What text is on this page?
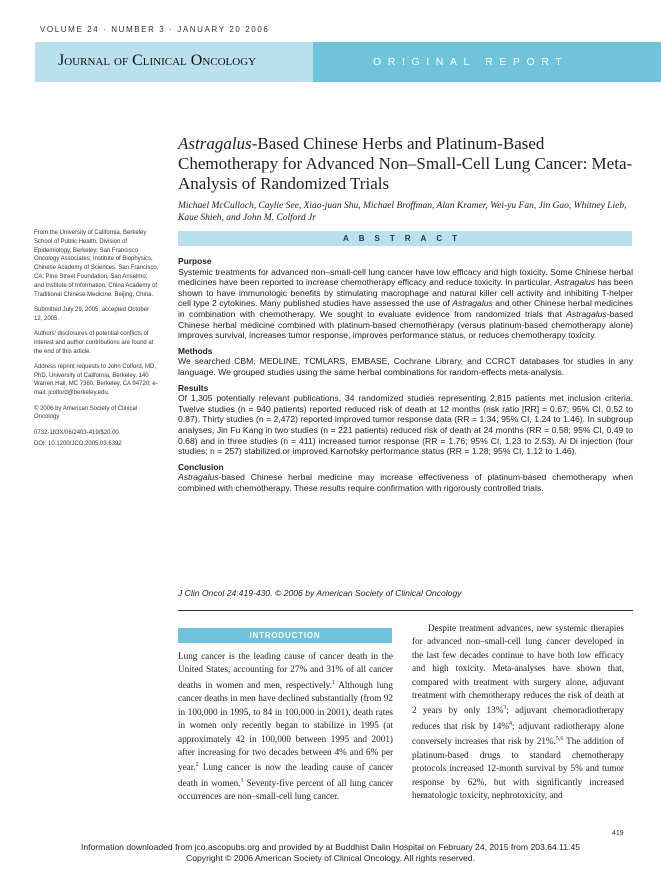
VOLUME 24 · NUMBER 3 · JANUARY 20 2006
Journal of Clinical Oncology	ORIGINAL REPORT
Astragalus-Based Chinese Herbs and Platinum-Based Chemotherapy for Advanced Non–Small-Cell Lung Cancer: Meta-Analysis of Randomized Trials
Michael McCulloch, Caylie See, Xiao-juan Shu, Michael Broffman, Alan Kramer, Wei-yu Fan, Jin Gao, Whitney Lieb, Kaue Shieh, and John M. Colford Jr

From the University of California, Berkeley School of Public Health, Division of Epidemiology, Berkeley; San Francisco Oncology Associates; Institute of Biophysics, Chinese Academy of Sciences, San Francisco, CA; Pine Street Foundation, San Anselmo; and Institute of Information, China Academy of Traditional Chinese Medicine, Beijing, China.

Submitted July 29, 2005; accepted October 12, 2005.

Authors' disclosures of potential conflicts of interest and author contributions are found at the end of this article.

Address reprint requests to John Colford, MD, PhD, University of California, Berkeley, 140 Warren Hall, MC 7360, Berkeley, CA 94720; e-mail: jcolford@berkeley.edu.

© 2006 by American Society of Clinical Oncology

0732-183X/06/2403-419/$20.00

DOI: 10.1200/JCO.2005.03.6392

ABSTRACT

Purpose

Systemic treatments for advanced non–small-cell lung cancer have low efficacy and high toxicity. Some Chinese herbal medicines have been reported to increase chemotherapy efficacy and reduce toxicity. In particular, Astragalus has been shown to have immunologic benefits by stimulating macrophage and natural killer cell activity and inhibiting T-helper cell type 2 cytokines. Many published studies have assessed the use of Astragalus and other Chinese herbal medicines in combination with chemotherapy. We sought to evaluate evidence from randomized trials that Astragalus-based Chinese herbal medicine combined with platinum-based chemotherapy (versus platinum-based chemotherapy alone) improves survival, increases tumor response, improves performance status, or reduces chemotherapy toxicity.

Methods

We searched CBM, MEDLINE, TCMLARS, EMBASE, Cochrane Library, and CCRCT databases for studies in any language. We grouped studies using the same herbal combinations for random-effects meta-analysis.

Results

Of 1,305 potentially relevant publications, 34 randomized studies representing 2,815 patients met inclusion criteria. Twelve studies (n = 940 patients) reported reduced risk of death at 12 months (risk ratio [RR] = 0.67; 95% CI, 0.52 to 0.87). Thirty studies (n = 2,472) reported improved tumor response data (RR = 1.34; 95% CI, 1.24 to 1.46). In subgroup analyses, Jin Fu Kang in two studies (n = 221 patients) reduced risk of death at 24 months (RR = 0.58; 95% CI, 0.49 to 0.68) and in three studies (n = 411) increased tumor response (RR = 1.76; 95% CI, 1.23 to 2.53). Ai Di injection (four studies; n = 257) stabilized or improved Karnofsky performance status (RR = 1.28; 95% CI, 1.12 to 1.46).

Conclusion

Astragalus-based Chinese herbal medicine may increase effectiveness of platinum-based chemotherapy when combined with chemotherapy. These results require confirmation with rigorously controlled trials.

J Clin Oncol 24:419-430. © 2006 by American Society of Clinical Oncology
INTRODUCTION

Lung cancer is the leading cause of cancer death in the United States, accounting for 27% and 31% of all cancer deaths in women and men, respectively.$^1$ Although lung cancer deaths in men have declined substantially (from 92 in 100,000 in 1995, to 84 in 100,000 in 2001), death rates in women only recently began to stabilize in 1995 (at approximately 42 in 100,000 between 1995 and 2001) after increasing for two decades between 4% and 6% per year.$^2$ Lung cancer is now the leading cause of cancer death in women.$^1$ Seventy-five percent of all lung cancer occurrences are non–small-cell lung cancer.

Despite treatment advances, new systemic therapies for advanced non–small-cell lung cancer developed in the last few decades continue to have both low efficacy and high toxicity. Meta-analyses have shown that, compared with treatment with surgery alone, adjuvant treatment with chemotherapy reduces the risk of death at 2 years by only 13%$^3$; adjuvant chemoradiotherapy reduces that risk by 14%$^4$; adjuvant radiotherapy alone conversely increases that risk by 21%.$^{5,6}$ The addition of platinum-based drugs to standard chemotherapy protocols increased 12-month survival by 5% and tumor response by 62%, but with significantly increased hematologic toxicity, nephrotoxicity, and

419
Information downloaded from jco.ascopubs.org and provided by at Buddhist Dalin Hospital on February 24, 2015 from 203.64.11.45
Copyright © 2006 American Society of Clinical Oncology. All rights reserved.
